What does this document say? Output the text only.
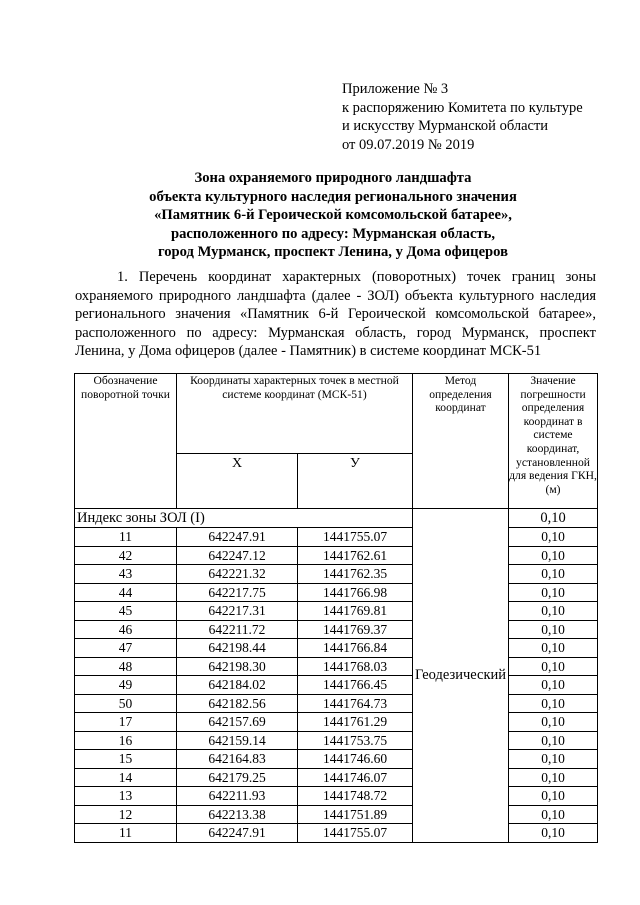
Приложение № 3
к распоряжению Комитета по культуре
и искусству Мурманской области
от 09.07.2019 № 2019
Зона охраняемого природного ландшафта
объекта культурного наследия регионального значения
«Памятник 6-й Героической комсомольской батарее»,
расположенного по адресу: Мурманская область,
город Мурманск, проспект Ленина, у Дома офицеров

1. Перечень координат характерных (поворотных) точек границ зоны охраняемого природного ландшафта (далее - ЗОЛ) объекта культурного наследия регионального значения «Памятник 6-й Героической комсомольской батарее», расположенного по адресу: Мурманская область, город Мурманск, проспект Ленина, у Дома офицеров (далее - Памятник) в системе координат МСК-51

Обозначение поворотной точки	Координаты характерных точек в местной системе координат (МСК-51)		Метод определения координат	Значение погрешности определения координат в системе координат, установленной для ведения ГКН, (м)
	Х	У		
Индекс зоны ЗОЛ (I)			Геодезический	0,10
11	642247.91	1441755.07		0,10
42	642247.12	1441762.61		0,10
43	642221.32	1441762.35		0,10
44	642217.75	1441766.98		0,10
45	642217.31	1441769.81		0,10
46	642211.72	1441769.37		0,10
47	642198.44	1441766.84		0,10
48	642198.30	1441768.03		0,10
49	642184.02	1441766.45		0,10
50	642182.56	1441764.73		0,10
17	642157.69	1441761.29		0,10
16	642159.14	1441753.75		0,10
15	642164.83	1441746.60		0,10
14	642179.25	1441746.07		0,10
13	642211.93	1441748.72		0,10
12	642213.38	1441751.89		0,10
11	642247.91	1441755.07		0,10
